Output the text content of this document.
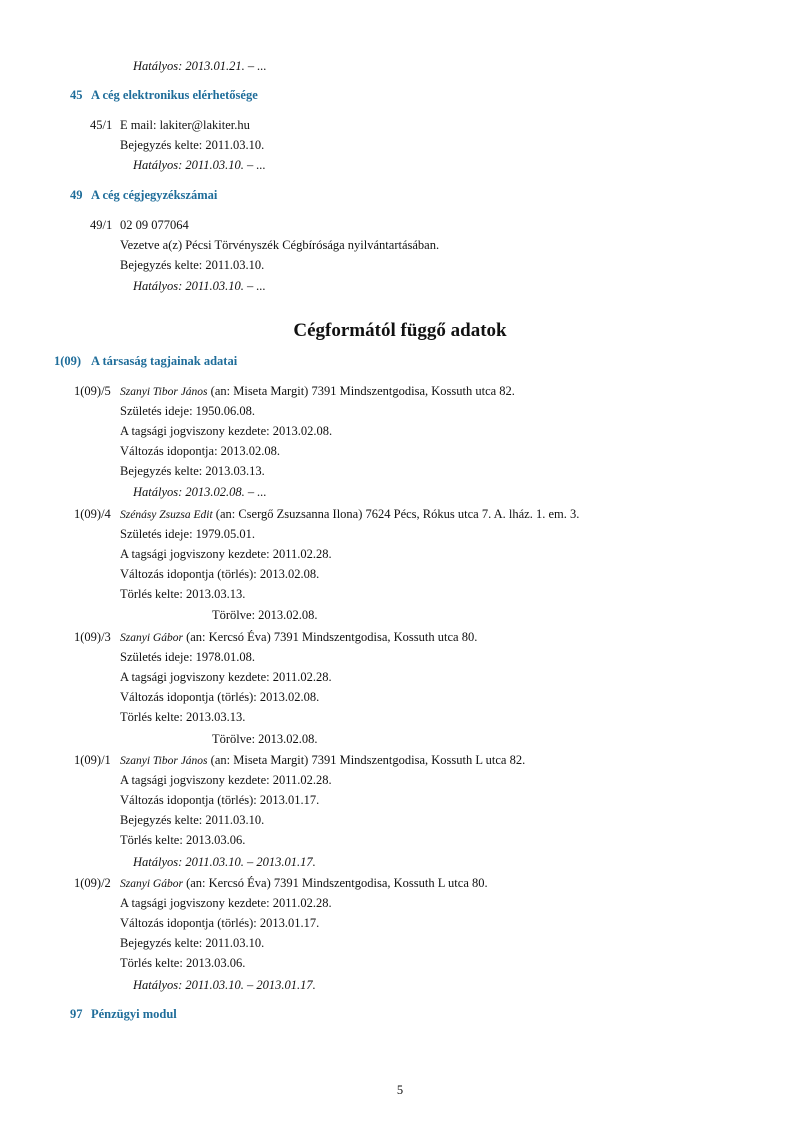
Hatályos: 2013.01.21. – ...
45 A cég elektronikus elérhetősége
45/1 E mail: lakiter@lakiter.hu
Bejegyzés kelte: 2011.03.10.
Hatályos: 2011.03.10. – ...
49 A cég cégjegyzékszámai
49/1 02 09 077064
Vezetve a(z) Pécsi Törvényszék Cégbírósága nyilvántartásában.
Bejegyzés kelte: 2011.03.10.
Hatályos: 2011.03.10. – ...
Cégformától függő adatok
1(09) A társaság tagjainak adatai
1(09)/5 Szanyi Tibor János (an: Miseta Margit) 7391 Mindszentgodisa, Kossuth utca 82.
Születés ideje: 1950.06.08.
A tagsági jogviszony kezdete: 2013.02.08.
Változás idopontja: 2013.02.08.
Bejegyzés kelte: 2013.03.13.
Hatályos: 2013.02.08. – ...
1(09)/4 Szénásy Zsuzsa Edit (an: Csergő Zsuzsanna Ilona) 7624 Pécs, Rókus utca 7. A. lház. 1. em. 3.
Születés ideje: 1979.05.01.
A tagsági jogviszony kezdete: 2011.02.28.
Változás idopontja (törlés): 2013.02.08.
Törlés kelte: 2013.03.13.
Törölve: 2013.02.08.
1(09)/3 Szanyi Gábor (an: Kercsó Éva) 7391 Mindszentgodisa, Kossuth utca 80.
Születés ideje: 1978.01.08.
A tagsági jogviszony kezdete: 2011.02.28.
Változás idopontja (törlés): 2013.02.08.
Törlés kelte: 2013.03.13.
Törölve: 2013.02.08.
1(09)/1 Szanyi Tibor János (an: Miseta Margit) 7391 Mindszentgodisa, Kossuth L utca 82.
A tagsági jogviszony kezdete: 2011.02.28.
Változás idopontja (törlés): 2013.01.17.
Bejegyzés kelte: 2011.03.10.
Törlés kelte: 2013.03.06.
Hatályos: 2011.03.10. – 2013.01.17.
1(09)/2 Szanyi Gábor (an: Kercsó Éva) 7391 Mindszentgodisa, Kossuth L utca 80.
A tagsági jogviszony kezdete: 2011.02.28.
Változás idopontja (törlés): 2013.01.17.
Bejegyzés kelte: 2011.03.10.
Törlés kelte: 2013.03.06.
Hatályos: 2011.03.10. – 2013.01.17.
97 Pénzügyi modul
5
